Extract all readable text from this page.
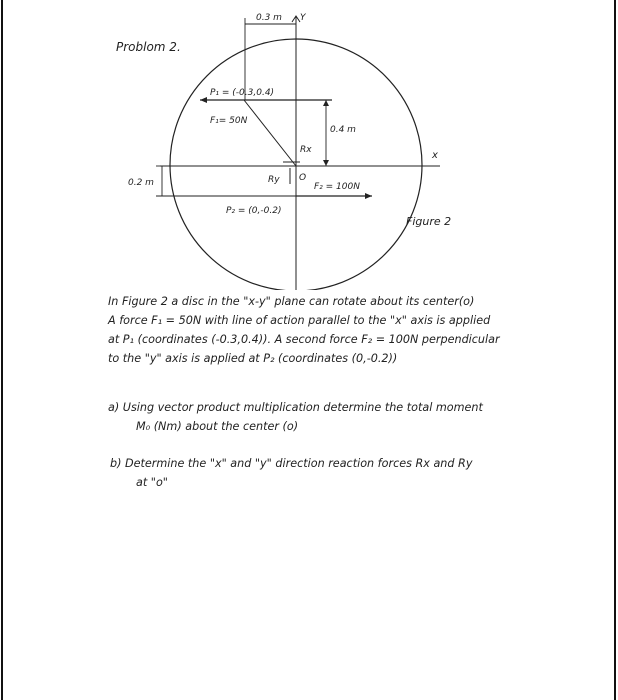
Problom 2.
0.3 m Y
P₁ = (-0.3,0.4)
F₁= 50N
0.4 m
Rx
Ry O
x
F₂ = 100N
0.2 m
P₂ = (0,-0.2)
Figure 2

In Figure 2 a disc in the "x-y" plane can rotate about its center(o)

A force F₁ = 50N with line of action parallel to the "x" axis is applied

at P₁ (coordinates (-0.3,0.4)). A second force F₂ = 100N perpendicular

to the "y" axis is applied at P₂ (coordinates (0,-0.2))

a) Using vector product multiplication determine the total moment
M₀ (Nm) about the center (o)
b) Determine the "x" and "y" direction reaction forces Rx and Ry
at "o"
